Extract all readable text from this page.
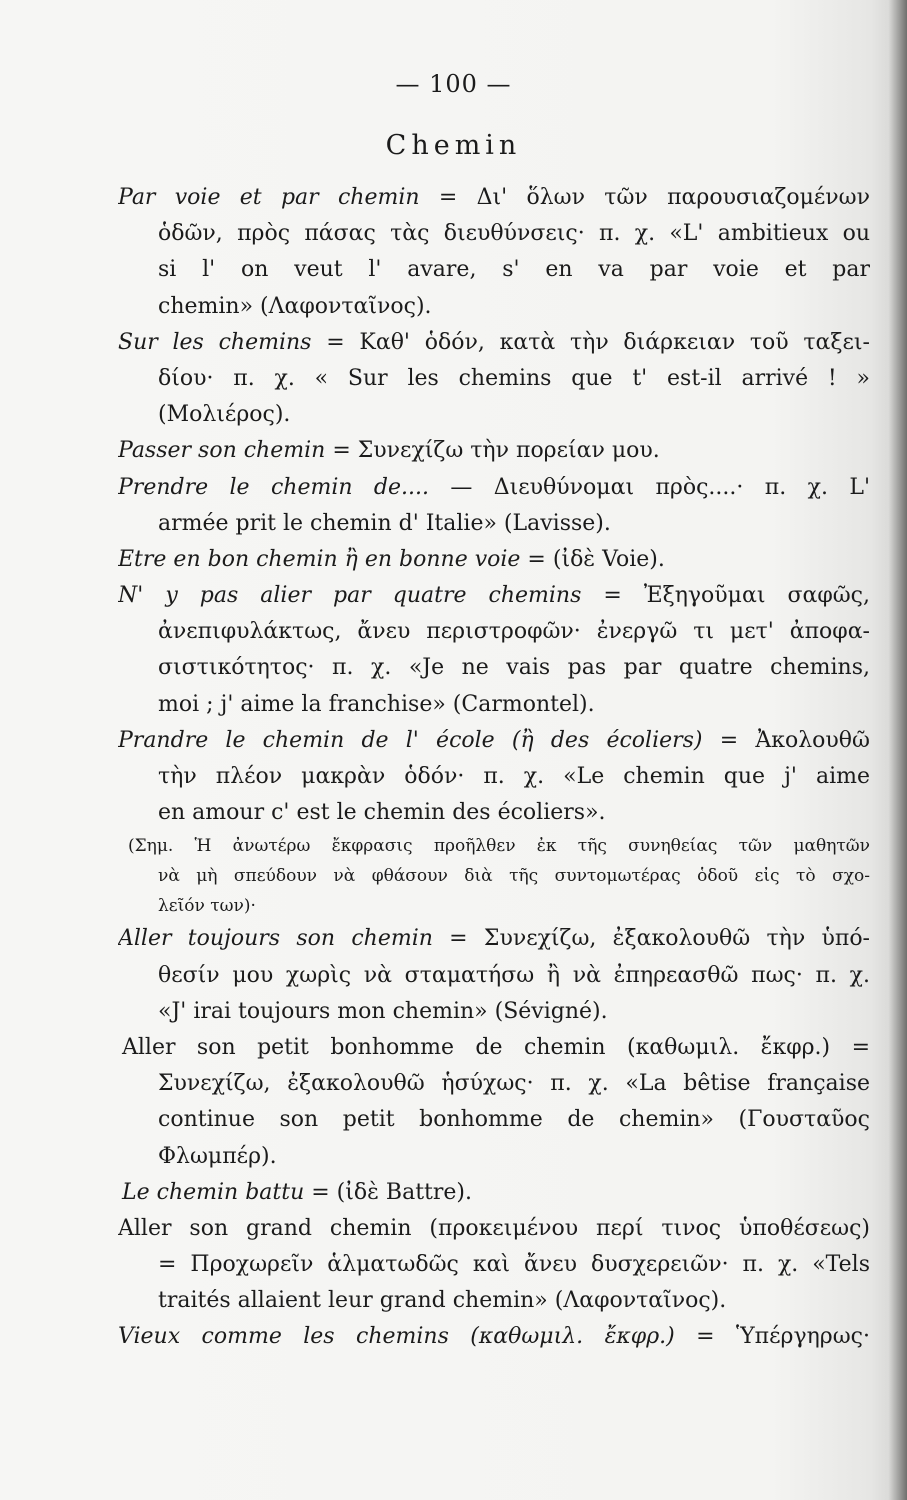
— 100 —
Chemin
Par voie et par chemin = Δι' ὅλων τῶν παρουσιαζομένων
ὁδῶν, πρὸς πάσας τὰς διευθύνσεις· π. χ. «L' ambitieux ou
si l' on veut l' avare, s' en va par voie et par
chemin» (Λαφονταῖνος).
Sur les chemins = Καθ' ὁδόν, κατὰ τὴν διάρκειαν τοῦ ταξει-
δίου· π. χ. « Sur les chemins que t' est-il arrivé ! »
(Μολιέρος).
Passer son chemin = Συνεχίζω τὴν πορείαν μου.
Prendre le chemin de.... — Διευθύνομαι πρὸς....· π. χ. L'
armée prit le chemin d' Italie» (Lavisse).
Etre en bon chemin ἢ en bonne voie = (ἰδὲ Voie).
N' y pas alier par quatre chemins = Ἐξηγοῦμαι σαφῶς,
ἀνεπιφυλάκτως, ἄνευ περιστροφῶν· ἐνεργῶ τι μετ' ἀποφα-
σιστικότητος· π. χ. «Je ne vais pas par quatre chemins,
moi ; j' aime la franchise» (Carmontel).
Prandre le chemin de l' école (ἢ des écoliers) = Ἀκολουθῶ
τὴν πλέον μακρὰν ὁδόν· π. χ. «Le chemin que j' aime
en amour c' est le chemin des écoliers».
(Σημ. Ἡ ἀνωτέρω ἔκφρασις προῆλθεν ἐκ τῆς συνηθείας τῶν μαθητῶν
νὰ μὴ σπεύδουν νὰ φθάσουν διὰ τῆς συντομωτέρας ὁδοῦ εἰς τὸ σχο-
λεῖόν των)·
Aller toujours son chemin = Συνεχίζω, ἐξακολουθῶ τὴν ὑπό-
θεσίν μου χωρὶς νὰ σταματήσω ἢ νὰ ἐπηρεασθῶ πως· π. χ.
«J' irai toujours mon chemin» (Sévigné).
Aller son petit bonhomme de chemin (καθωμιλ. ἔκφρ.) =
Συνεχίζω, ἐξακολουθῶ ἡσύχως· π. χ. «La bêtise française
continue son petit bonhomme de chemin» (Γουσταῦος
Φλωμπέρ).
Le chemin battu = (ἰδὲ Battre).
Aller son grand chemin (προκειμένου περί τινος ὑποθέσεως)
= Προχωρεῖν ἁλματωδῶς καὶ ἄνευ δυσχερειῶν· π. χ. «Tels
traités allaient leur grand chemin» (Λαφονταῖνος).
Vieux comme les chemins (καθωμιλ. ἔκφρ.) = Ὑπέργηρως·
